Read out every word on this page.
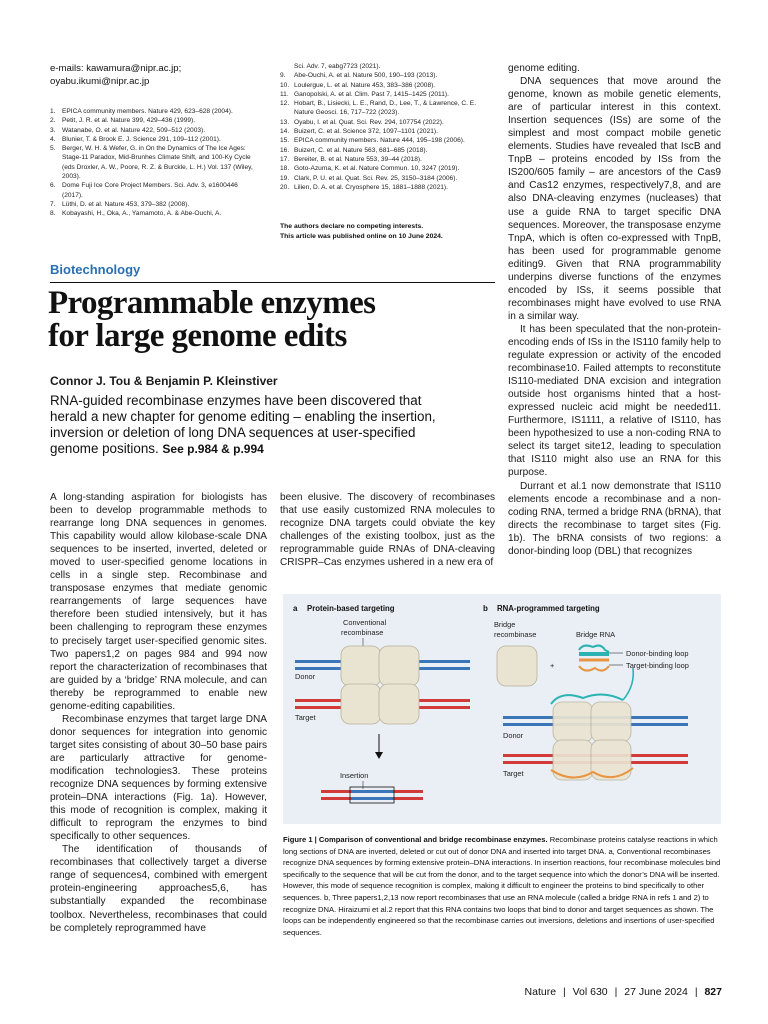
e-mails: kawamura@nipr.ac.jp;
oyabu.ikumi@nipr.ac.jp
1. EPICA community members. Nature 429, 623–628 (2004).
2. Petit, J. R. et al. Nature 399, 429–436 (1999).
3. Watanabe, O. et al. Nature 422, 509–512 (2003).
4. Blunier, T. & Brook E. J. Science 291, 109–112 (2001).
5. Berger, W. H. & Wefer, G. in On the Dynamics of The Ice Ages: Stage-11 Paradox, Mid-Brunhes Climate Shift, and 100-Ky Cycle (eds Droxler, A. W., Poore, R. Z. & Burckle, L. H.) Vol. 137 (Wiley, 2003).
6. Dome Fuji Ice Core Project Members. Sci. Adv. 3, e1600446 (2017).
7. Lüthi, D. et al. Nature 453, 379–382 (2008).
8. Kobayashi, H., Oka, A., Yamamoto, A. & Abe-Ouchi, A.
Sci. Adv. 7, eabg7723 (2021).
9. Abe-Ouchi, A. et al. Nature 500, 190–193 (2013).
10. Loulergue, L. et al. Nature 453, 383–386 (2008).
11. Ganopolski, A. et al. Clim. Past 7, 1415–1425 (2011).
12. Hobart, B., Lisiecki, L. E., Rand, D., Lee, T., & Lawrence, C. E. Nature Geosci. 16, 717–722 (2023).
13. Oyabu, I. et al. Quat. Sci. Rev. 294, 107754 (2022).
14. Buizert, C. et al. Science 372, 1097–1101 (2021).
15. EPICA community members. Nature 444, 195–198 (2006).
16. Buizert, C. et al. Nature 563, 681–685 (2018).
17. Bereiter, B. et al. Nature 553, 39–44 (2018).
18. Goto-Azuma, K. et al. Nature Commun. 10, 3247 (2019).
19. Clark, P. U. et al. Quat. Sci. Rev. 25, 3150–3184 (2006).
20. Lilien, D. A. et al. Cryosphere 15, 1881–1888 (2021).
The authors declare no competing interests.
This article was published online on 10 June 2024.
Biotechnology
Programmable enzymes
for large genome edits
Connor J. Tou & Benjamin P. Kleinstiver
RNA-guided recombinase enzymes have been discovered that herald a new chapter for genome editing – enabling the insertion, inversion or deletion of long DNA sequences at user-specified genome positions. See p.984 & p.994

A long-standing aspiration for biologists has been to develop programmable methods to rearrange long DNA sequences in genomes. This capability would allow kilobase-scale DNA sequences to be inserted, inverted, deleted or moved to user-specified genome locations in cells in a single step. Recombinase and transposase enzymes that mediate genomic rearrangements of large sequences have therefore been studied intensively, but it has been challenging to reprogram these enzymes to precisely target user-specified genomic sites. Two papers1,2 on pages 984 and 994 now report the characterization of recombinases that are guided by a ‘bridge’ RNA molecule, and can thereby be reprogrammed to enable new genome-editing capabilities.

Recombinase enzymes that target large DNA donor sequences for integration into genomic target sites consisting of about 30–50 base pairs are particularly attractive for genome-modification technologies3. These proteins recognize DNA sequences by forming extensive protein–DNA interactions (Fig. 1a). However, this mode of recognition is complex, making it difficult to reprogram the enzymes to bind specifically to other sequences.

The identification of thousands of recombinases that collectively target a diverse range of sequences4, combined with emergent protein-engineering approaches5,6, has substantially expanded the recombinase toolbox. Nevertheless, recombinases that could be completely reprogrammed have

been elusive. The discovery of recombinases that use easily customized RNA molecules to recognize DNA targets could obviate the key challenges of the existing toolbox, just as the reprogrammable guide RNAs of DNA-cleaving CRISPR–Cas enzymes ushered in a new era of

genome editing.

DNA sequences that move around the genome, known as mobile genetic elements, are of particular interest in this context. Insertion sequences (ISs) are some of the simplest and most compact mobile genetic elements. Studies have revealed that IscB and TnpB – proteins encoded by ISs from the IS200/605 family – are ancestors of the Cas9 and Cas12 enzymes, respectively7,8, and are also DNA-cleaving enzymes (nucleases) that use a guide RNA to target specific DNA sequences. Moreover, the transposase enzyme TnpA, which is often co-expressed with TnpB, has been used for programmable genome editing9. Given that RNA programmability underpins diverse functions of the enzymes encoded by ISs, it seems possible that recombinases might have evolved to use RNA in a similar way.

It has been speculated that the non-protein-encoding ends of ISs in the IS110 family help to regulate expression or activity of the encoded recombinase10. Failed attempts to reconstitute IS110-mediated DNA excision and integration outside host organisms hinted that a host-expressed nucleic acid might be needed11. Furthermore, IS1111, a relative of IS110, has been hypothesized to use a non-coding RNA to select its target site12, leading to speculation that IS110 might also use an RNA for this purpose.

Durrant et al.1 now demonstrate that IS110 elements encode a recombinase and a non-coding RNA, termed a bridge RNA (bRNA), that directs the recombinase to target sites (Fig. 1b). The bRNA consists of two regions: a donor-binding loop (DBL) that recognizes

a Protein-based targeting
Conventional
recombinase
Donor
Target
Insertion
b RNA-programmed targeting
Bridge
recombinase	Bridge RNA
+
Donor-binding loop
Target-binding loop
Donor
Target
Figure 1 | Comparison of conventional and bridge recombinase enzymes. Recombinase proteins catalyse reactions in which long sections of DNA are inverted, deleted or cut out of donor DNA and inserted into target DNA. a, Conventional recombinases recognize DNA sequences by forming extensive protein–DNA interactions. In insertion reactions, four recombinase molecules bind specifically to the sequence that will be cut from the donor, and to the target sequence into which the donor’s DNA will be inserted. However, this mode of sequence recognition is complex, making it difficult to engineer the proteins to bind specifically to other sequences. b, Three papers1,2,13 now report recombinases that use an RNA molecule (called a bridge RNA in refs 1 and 2) to recognize DNA. Hiraizumi et al.2 report that this RNA contains two loops that bind to donor and target sequences as shown. The loops can be independently engineered so that the recombinase carries out inversions, deletions and insertions of user-specified sequences.
Nature | Vol 630 | 27 June 2024 | 827
